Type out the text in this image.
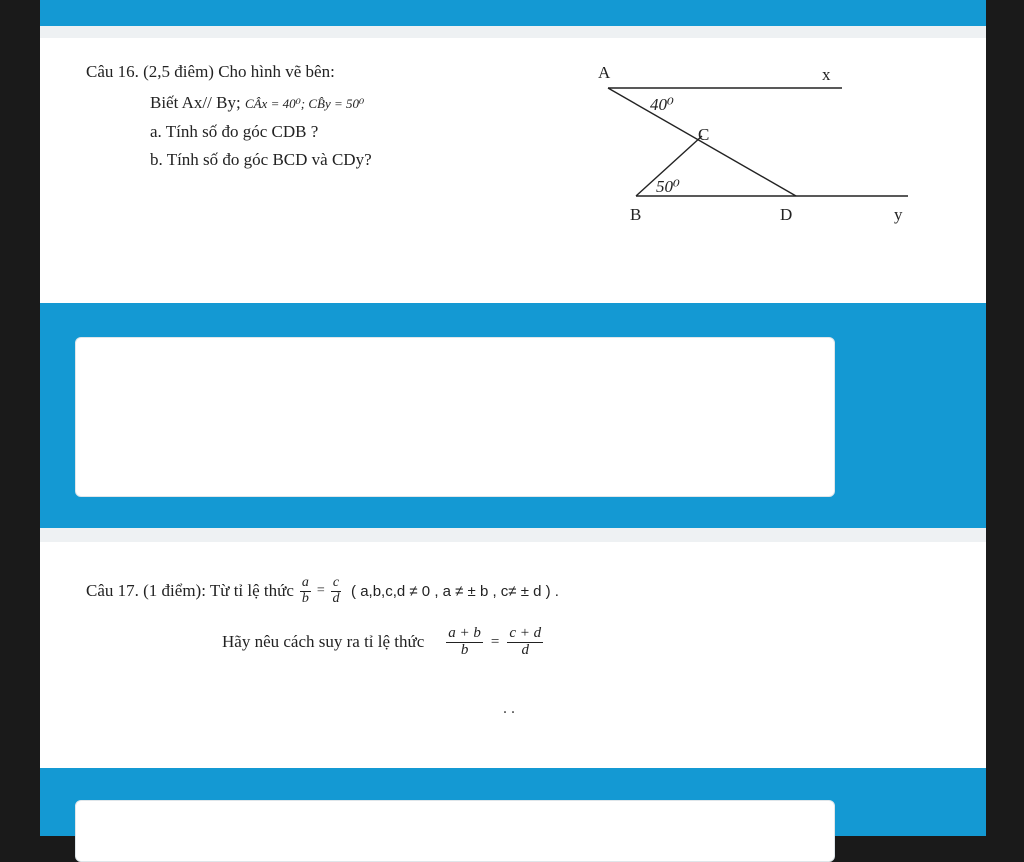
Câu 16. (2,5 điêm) Cho hình vẽ bên:
Biết Ax// By; CÂx = 40⁰; CB̂y = 50⁰
a. Tính số đo góc CDB ?
b. Tính số đo góc BCD và CDy?
A	x
C
B	D	y
40⁰
50⁰
Câu 17. (1 điểm): Từ tỉ lệ thức $\frac{a}{b} = \frac{c}{d}$ ( a,b,c,d ≠ 0 , a ≠ ± b , c≠ ± d ) .
Hãy nêu cách suy ra tỉ lệ thức $\frac{a + b}{b} = \frac{c + d}{d}$
. .
